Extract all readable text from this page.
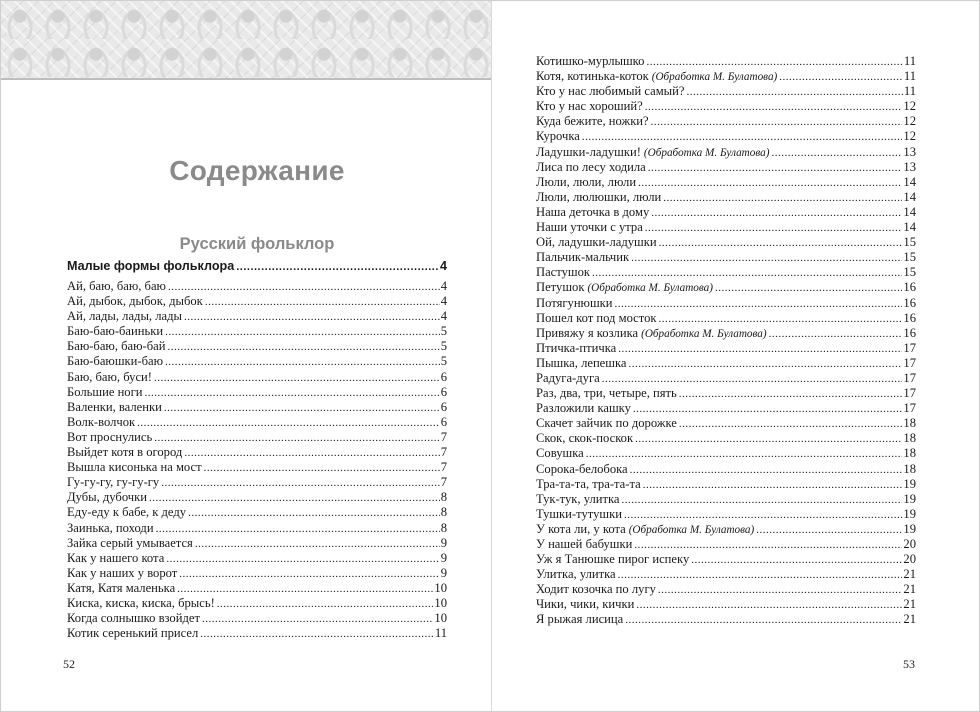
Содержание
Русский фольклор
Малые формы фольклора .....	4
Ай, баю, баю, баю .....	4
Ай, дыбок, дыбок, дыбок .....	4
Ай, лады, лады, лады .....	4
Баю-баю-баиньки .....	5
Баю-баю, баю-бай .....	5
Баю-баюшки-баю .....	5
Баю, баю, буси! .....	6
Большие ноги .....	6
Валенки, валенки .....	6
Волк-волчок .....	6
Вот проснулись .....	7
Выйдет котя в огород .....	7
Вышла кисонька на мост .....	7
Гу-гу-гу, гу-гу-гу .....	7
Дубы, дубочки .....	8
Еду-еду к бабе, к деду .....	8
Заинька, походи .....	8
Зайка серый умывается .....	9
Как у нашего кота .....	9
Как у наших у ворот .....	9
Катя, Катя маленька .....	10
Киска, киска, киска, брысь! .....	10
Когда солнышко взойдет .....	10
Котик серенький присел .....	11
52
Котишко-мурлышко .....	11
Котя, котинька-коток (Обработка М. Булатова) .....	11
Кто у нас любимый самый? .....	11
Кто у нас хороший? .....	12
Куда бежите, ножки? .....	12
Курочка .....	12
Ладушки-ладушки! (Обработка М. Булатова) .....	13
Лиса по лесу ходила .....	13
Люли, люли, люли .....	14
Люли, люлюшки, люли .....	14
Наша деточка в дому .....	14
Наши уточки с утра .....	14
Ой, ладушки-ладушки .....	15
Пальчик-мальчик .....	15
Пастушок .....	15
Петушок (Обработка М. Булатова) .....	16
Потягунюшки .....	16
Пошел кот под мосток .....	16
Привяжу я козлика (Обработка М. Булатова) .....	16
Птичка-птичка .....	17
Пышка, лепешка .....	17
Радуга-дуга .....	17
Раз, два, три, четыре, пять .....	17
Разложили кашку .....	17
Скачет зайчик по дорожке .....	18
Скок, скок-поскок .....	18
Совушка .....	18
Сорока-белобока .....	18
Тра-та-та, тра-та-та .....	19
Тук-тук, улитка .....	19
Тушки-тутушки .....	19
У кота ли, у кота (Обработка М. Булатова) .....	19
У нашей бабушки .....	20
Уж я Танюшке пирог испеку .....	20
Улитка, улитка .....	21
Ходит козочка по лугу .....	21
Чики, чики, кички .....	21
Я рыжая лисица .....	21
53
